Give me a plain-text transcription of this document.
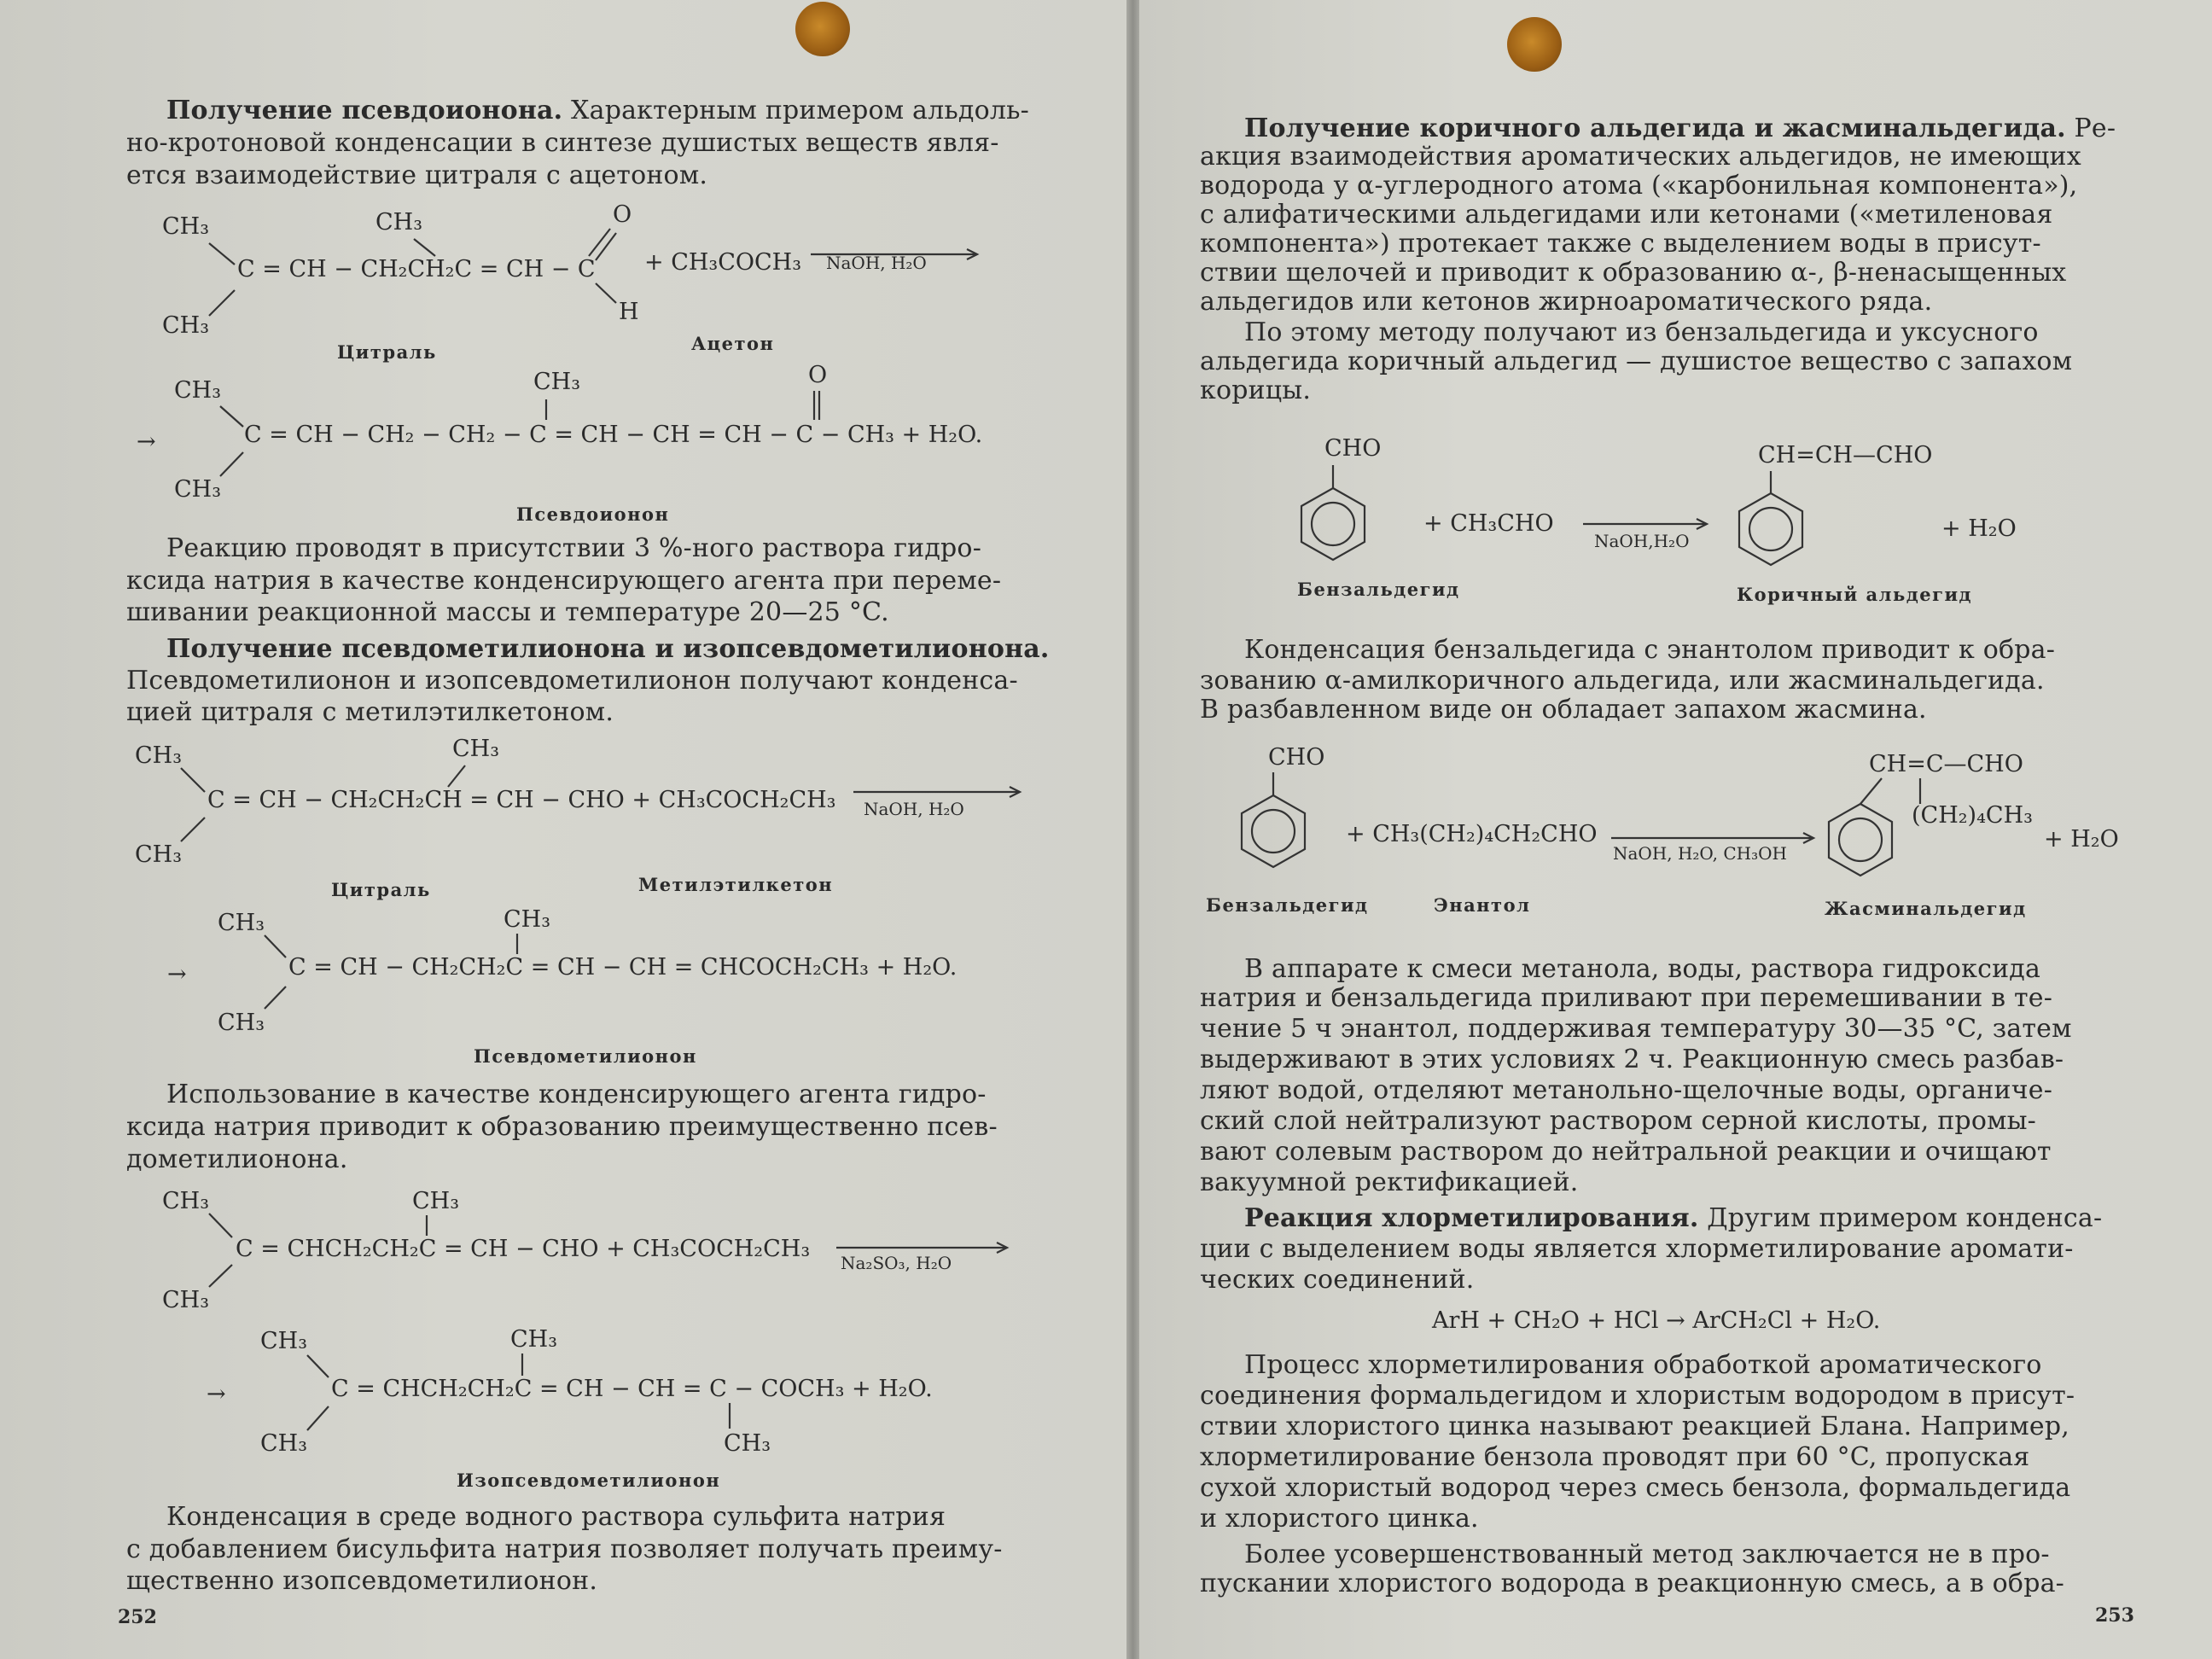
Получение псевдоионона. Характерным примером альдоль-
но-кротоновой конденсации в синтезе душистых веществ явля-
ется взаимодействие цитраля с ацетоном.
CH₃	CH₃	O
C = CH − CH₂CH₂C = CH − C + CH₃COCH₃ NaOH, H₂O
H
CH₃
Цитраль	Ацетон
CH₃	CH₃	O
→	C = CH − CH₂ − CH₂ − C = CH − CH = CH − C − CH₃ + H₂O.
CH₃
Псевдоионон
Реакцию проводят в присутствии 3 %-ного раствора гидро-
ксида натрия в качестве конденсирующего агента при переме-
шивании реакционной массы и температуре 20—25 °C.
Получение псевдометилионона и изопсевдометилионона.
Псевдометилионон и изопсевдометилионон получают конденса-
цией цитраля с метилэтилкетоном.
CH₃	CH₃
C = CH − CH₂CH₂CH = CH − CHO + CH₃COCH₂CH₃ NaOH, H₂O
CH₃
Цитраль	Метилэтилкетон
CH₃	CH₃
→	C = CH − CH₂CH₂C = CH − CH = CHCOCH₂CH₃ + H₂O.
CH₃
Псевдометилионон
Использование в качестве конденсирующего агента гидро-
ксида натрия приводит к образованию преимущественно псев-
дометилионона.
CH₃	CH₃
C = CHCH₂CH₂C = CH − CHO + CH₃COCH₂CH₃
Na₂SO₃, H₂O
CH₃
CH₃	CH₃
→	C = CHCH₂CH₂C = CH − CH = C − COCH₃ + H₂O.
CH₃	CH₃
Изопсевдометилионон
Конденсация в среде водного раствора сульфита натрия
с добавлением бисульфита натрия позволяет получать преиму-
щественно изопсевдометилионон.
252
Получение коричного альдегида и жасминальдегида. Ре-
акция взаимодействия ароматических альдегидов, не имеющих
водорода у α-углеродного атома («карбонильная компонента»),
с алифатическими альдегидами или кетонами («метиленовая
компонента») протекает также с выделением воды в присут-
ствии щелочей и приводит к образованию α-, β-ненасыщенных
альдегидов или кетонов жирноароматического ряда.
По этому методу получают из бензальдегида и уксусного
альдегида коричный альдегид — душистое вещество с запахом
корицы.
CHO
+ CH₃CHO
NaOH,H₂O
CH=CH—CHO
+ H₂O
Бензальдегид	Коричный альдегид
Конденсация бензальдегида с энантолом приводит к обра-
зованию α-амилкоричного альдегида, или жасминальдегида.
В разбавленном виде он обладает запахом жасмина.
CHO	CH=C—CHO
(CH₂)₄CH₃
+ CH₃(CH₂)₄CH₂CHO
NaOH, H₂O, CH₃OH
+ H₂O
Бензальдегид	Энантол	Жасминальдегид
В аппарате к смеси метанола, воды, раствора гидроксида
натрия и бензальдегида приливают при перемешивании в те-
чение 5 ч энантол, поддерживая температуру 30—35 °C, затем
выдерживают в этих условиях 2 ч. Реакционную смесь разбав-
ляют водой, отделяют метанольно-щелочные воды, органиче-
ский слой нейтрализуют раствором серной кислоты, промы-
вают солевым раствором до нейтральной реакции и очищают
вакуумной ректификацией.
Реакция хлорметилирования. Другим примером конденса-
ции с выделением воды является хлорметилирование аромати-
ческих соединений.
ArH + CH₂O + HCl → ArCH₂Cl + H₂O.
Процесс хлорметилирования обработкой ароматического
соединения формальдегидом и хлористым водородом в присут-
ствии хлористого цинка называют реакцией Блана. Например,
хлорметилирование бензола проводят при 60 °C, пропуская
сухой хлористый водород через смесь бензола, формальдегида
и хлористого цинка.
Более усовершенствованный метод заключается не в про-
пускании хлористого водорода в реакционную смесь, а в обра-
253
